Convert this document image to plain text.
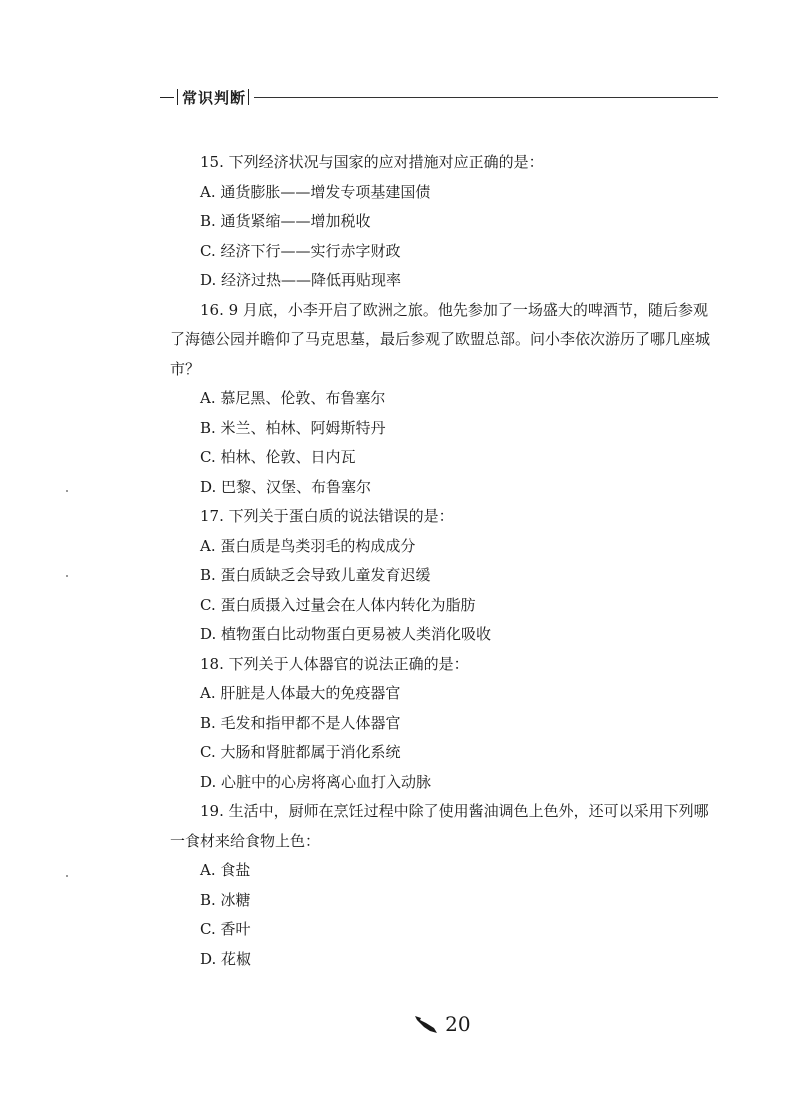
常识判断
15. 下列经济状况与国家的应对措施对应正确的是：
A. 通货膨胀——增发专项基建国债
B. 通货紧缩——增加税收
C. 经济下行——实行赤字财政
D. 经济过热——降低再贴现率

16. 9 月底，小李开启了欧洲之旅。他先参加了一场盛大的啤酒节，随后参观了海德公园并瞻仰了马克思墓，最后参观了欧盟总部。问小李依次游历了哪几座城市？

A. 慕尼黑、伦敦、布鲁塞尔
B. 米兰、柏林、阿姆斯特丹
C. 柏林、伦敦、日内瓦
D. 巴黎、汉堡、布鲁塞尔
17. 下列关于蛋白质的说法错误的是：
A. 蛋白质是鸟类羽毛的构成成分
B. 蛋白质缺乏会导致儿童发育迟缓
C. 蛋白质摄入过量会在人体内转化为脂肪
D. 植物蛋白比动物蛋白更易被人类消化吸收
18. 下列关于人体器官的说法正确的是：
A. 肝脏是人体最大的免疫器官
B. 毛发和指甲都不是人体器官
C. 大肠和肾脏都属于消化系统
D. 心脏中的心房将离心血打入动脉

19. 生活中，厨师在烹饪过程中除了使用酱油调色上色外，还可以采用下列哪一食材来给食物上色：

A. 食盐
B. 冰糖
C. 香叶
D. 花椒
20
